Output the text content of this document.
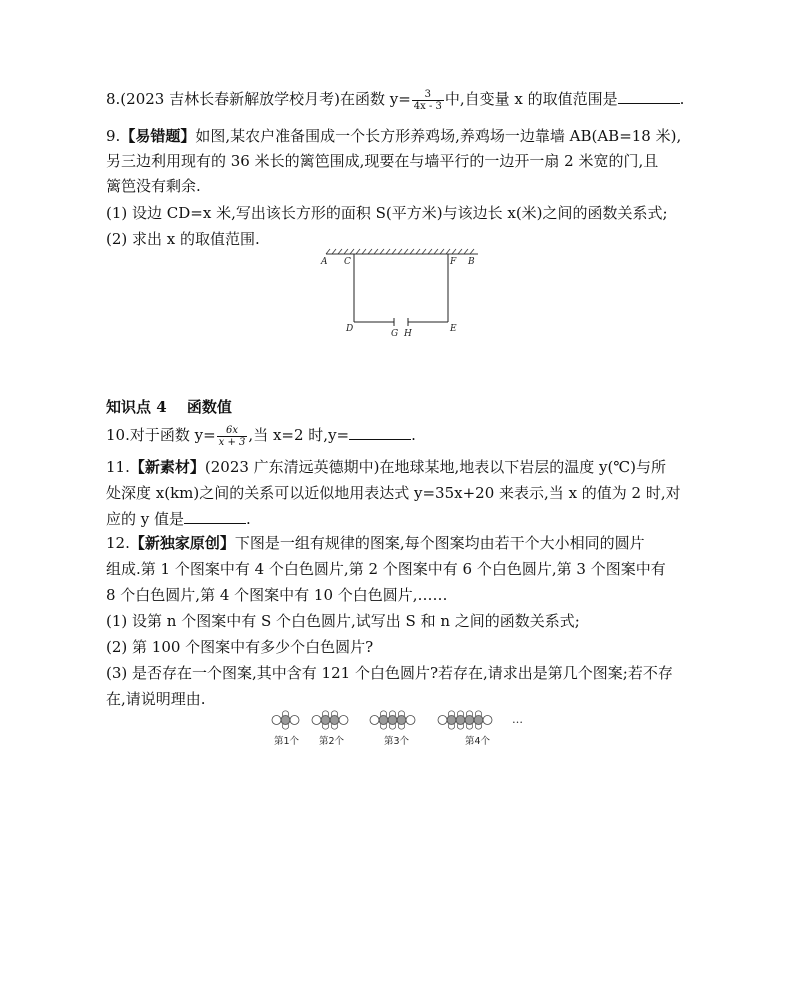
8.(2023 吉林长春新解放学校月考)在函数 $y= \frac{3}{4x - 3}$ 中,自变量 x 的取值范围是	.
9.【易错题】如图,某农户准备围成一个长方形养鸡场,养鸡场一边靠墙 AB(AB=18 米),
另三边利用现有的 36 米长的篱笆围成,现要在与墙平行的一边开一扇 2 米宽的门,且
篱笆没有剩余.
(1) 设边 CD=x 米,写出该长方形的面积 S(平方米)与该边长 x(米)之间的函数关系式;
(2) 求出 x 的取值范围.
A C	F B
D	G H	E
知识点 4　 函数值
10.对于函数 $y= \frac{6x}{x + 3}$ ,当 x=2 时,y=	.
11.【新素材】(2023 广东清远英德期中)在地球某地,地表以下岩层的温度 y(℃)与所
处深度 x(km)之间的关系可以近似地用表达式 y=35x+20 来表示,当 x 的值为 2 时,对
应的 y 值是	.
12.【新独家原创】下图是一组有规律的图案,每个图案均由若干个大小相同的圆片
组成.第 1 个图案中有 4 个白色圆片,第 2 个图案中有 6 个白色圆片,第 3 个图案中有
8 个白色圆片,第 4 个图案中有 10 个白色圆片,……
(1) 设第 n 个图案中有 S 个白色圆片,试写出 S 和 n 之间的函数关系式;
(2) 第 100 个图案中有多少个白色圆片?
(3) 是否存在一个图案,其中含有 121 个白色圆片?若存在,请求出是第几个图案;若不存
在,请说明理由.
…
第1个 第2个	第3个	第4个
